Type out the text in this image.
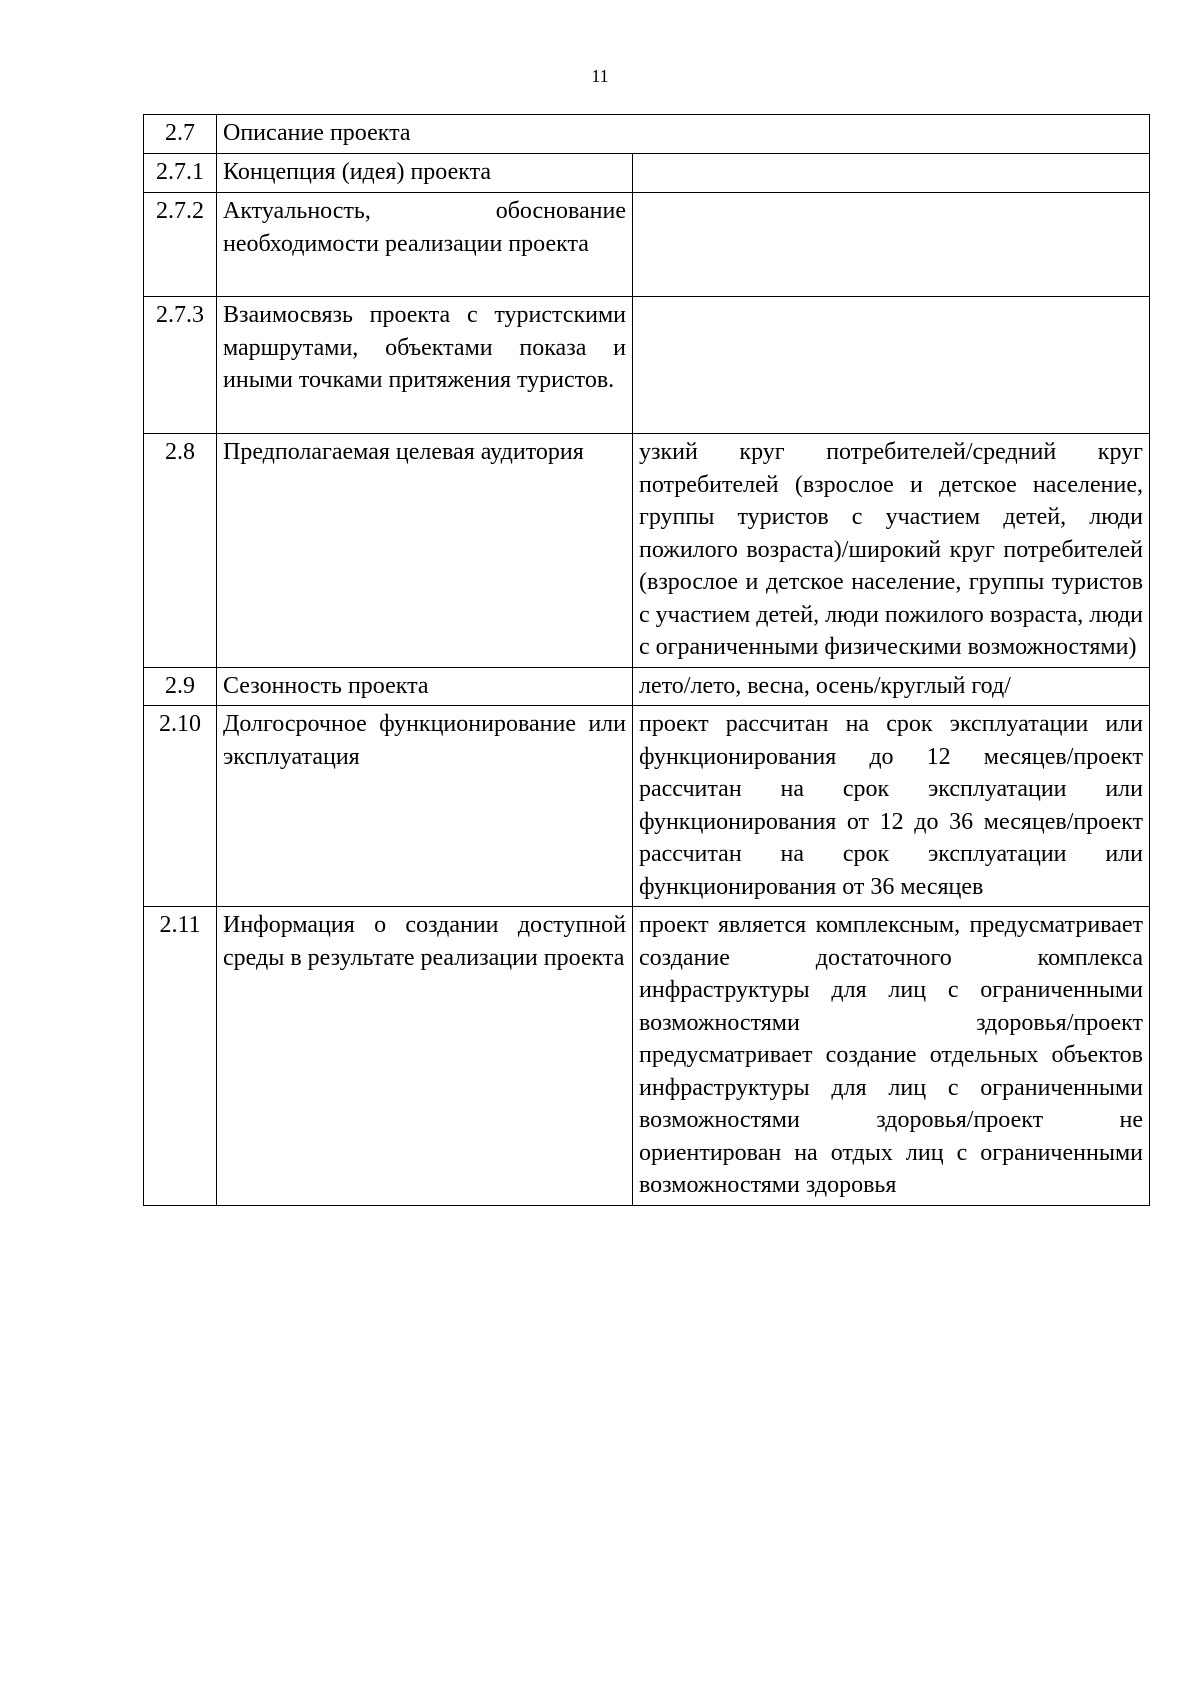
11
2.7	Описание проекта	
2.7.1	Концепция (идея) проекта	
2.7.2	Актуальность, обоснование необходимости реализации проекта	
2.7.3	Взаимосвязь проекта с туристскими маршрутами, объектами показа и иными точками притяжения туристов.	
2.8	Предполагаемая целевая аудитория	узкий круг потребителей/средний круг потребителей (взрослое и детское население, группы туристов с участием детей, люди пожилого возраста)/широкий круг потребителей (взрослое и детское население, группы туристов с участием детей, люди пожилого возраста, люди с ограниченными физическими возможностями)
2.9	Сезонность проекта	лето/лето, весна, осень/круглый год/
2.10	Долгосрочное функционирование или эксплуатация	проект рассчитан на срок эксплуатации или функционирования до 12 месяцев/проект рассчитан на срок эксплуатации или функционирования от 12 до 36 месяцев/проект рассчитан на срок эксплуатации или функционирования от 36 месяцев
2.11	Информация о создании доступной среды в результате реализации проекта	проект является комплексным, предусматривает создание достаточного комплекса инфраструктуры для лиц с ограниченными возможностями здоровья/проект предусматривает создание отдельных объектов инфраструктуры для лиц с ограниченными возможностями здоровья/проект не ориентирован на отдых лиц с ограниченными возможностями здоровья
